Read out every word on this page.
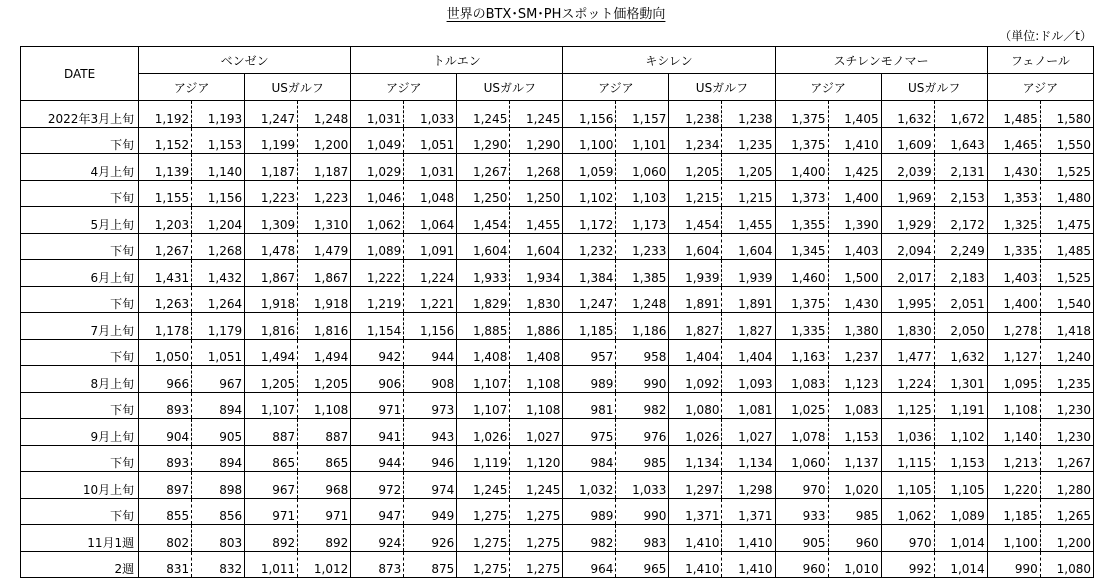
世界のBTX･SM･PHスポット価格動向
（単位:ドル／t）
DATE	ベンゼン				トルエン				キシレン				スチレンモノマー				フェノール	
	アジア		USガルフ		アジア		USガルフ		アジア		USガルフ		アジア		USガルフ		アジア	
2022年3月上旬	1,192	1,193	1,247	1,248	1,031	1,033	1,245	1,245	1,156	1,157	1,238	1,238	1,375	1,405	1,632	1,672	1,485	1,580
下旬	1,152	1,153	1,199	1,200	1,049	1,051	1,290	1,290	1,100	1,101	1,234	1,235	1,375	1,410	1,609	1,643	1,465	1,550
4月上旬	1,139	1,140	1,187	1,187	1,029	1,031	1,267	1,268	1,059	1,060	1,205	1,205	1,400	1,425	2,039	2,131	1,430	1,525
下旬	1,155	1,156	1,223	1,223	1,046	1,048	1,250	1,250	1,102	1,103	1,215	1,215	1,373	1,400	1,969	2,153	1,353	1,480
5月上旬	1,203	1,204	1,309	1,310	1,062	1,064	1,454	1,455	1,172	1,173	1,454	1,455	1,355	1,390	1,929	2,172	1,325	1,475
下旬	1,267	1,268	1,478	1,479	1,089	1,091	1,604	1,604	1,232	1,233	1,604	1,604	1,345	1,403	2,094	2,249	1,335	1,485
6月上旬	1,431	1,432	1,867	1,867	1,222	1,224	1,933	1,934	1,384	1,385	1,939	1,939	1,460	1,500	2,017	2,183	1,403	1,525
下旬	1,263	1,264	1,918	1,918	1,219	1,221	1,829	1,830	1,247	1,248	1,891	1,891	1,375	1,430	1,995	2,051	1,400	1,540
7月上旬	1,178	1,179	1,816	1,816	1,154	1,156	1,885	1,886	1,185	1,186	1,827	1,827	1,335	1,380	1,830	2,050	1,278	1,418
下旬	1,050	1,051	1,494	1,494	942	944	1,408	1,408	957	958	1,404	1,404	1,163	1,237	1,477	1,632	1,127	1,240
8月上旬	966	967	1,205	1,205	906	908	1,107	1,108	989	990	1,092	1,093	1,083	1,123	1,224	1,301	1,095	1,235
下旬	893	894	1,107	1,108	971	973	1,107	1,108	981	982	1,080	1,081	1,025	1,083	1,125	1,191	1,108	1,230
9月上旬	904	905	887	887	941	943	1,026	1,027	975	976	1,026	1,027	1,078	1,153	1,036	1,102	1,140	1,230
下旬	893	894	865	865	944	946	1,119	1,120	984	985	1,134	1,134	1,060	1,137	1,115	1,153	1,213	1,267
10月上旬	897	898	967	968	972	974	1,245	1,245	1,032	1,033	1,297	1,298	970	1,020	1,105	1,105	1,220	1,280
下旬	855	856	971	971	947	949	1,275	1,275	989	990	1,371	1,371	933	985	1,062	1,089	1,185	1,265
11月1週	802	803	892	892	924	926	1,275	1,275	982	983	1,410	1,410	905	960	970	1,014	1,100	1,200
2週	831	832	1,011	1,012	873	875	1,275	1,275	964	965	1,410	1,410	960	1,010	992	1,014	990	1,080
